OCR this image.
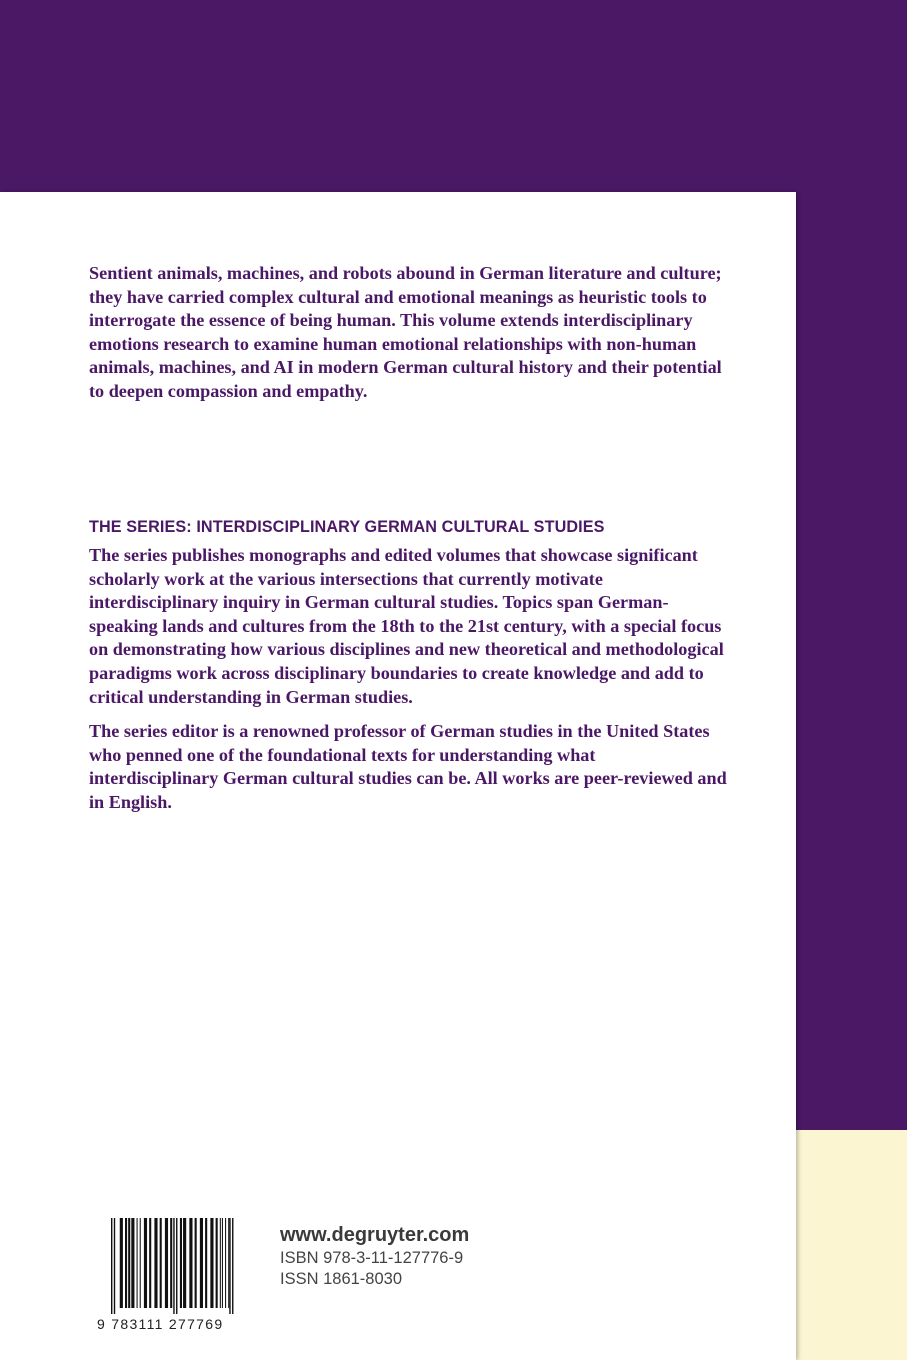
Sentient animals, machines, and robots abound in German literature and culture; they have carried complex cultural and emotional meanings as heuristic tools to interrogate the essence of being human. This volume extends interdisciplinary emotions research to examine human emotional relationships with non-human animals, machines, and AI in modern German cultural history and their potential to deepen compassion and empathy.

THE SERIES: INTERDISCIPLINARY GERMAN CULTURAL STUDIES

The series publishes monographs and edited volumes that showcase significant scholarly work at the various intersections that currently motivate interdisciplinary inquiry in German cultural studies. Topics span German-speaking lands and cultures from the 18th to the 21st century, with a special focus on demonstrating how various disciplines and new theoretical and methodological paradigms work across disciplinary boundaries to create knowledge and add to critical understanding in German studies.

The series editor is a renowned professor of German studies in the United States who penned one of the foundational texts for understanding what interdisciplinary German cultural studies can be. All works are peer-reviewed and in English.

9 783111 277769
www.degruyter.com
ISBN 978-3-11-127776-9
ISSN 1861-8030
